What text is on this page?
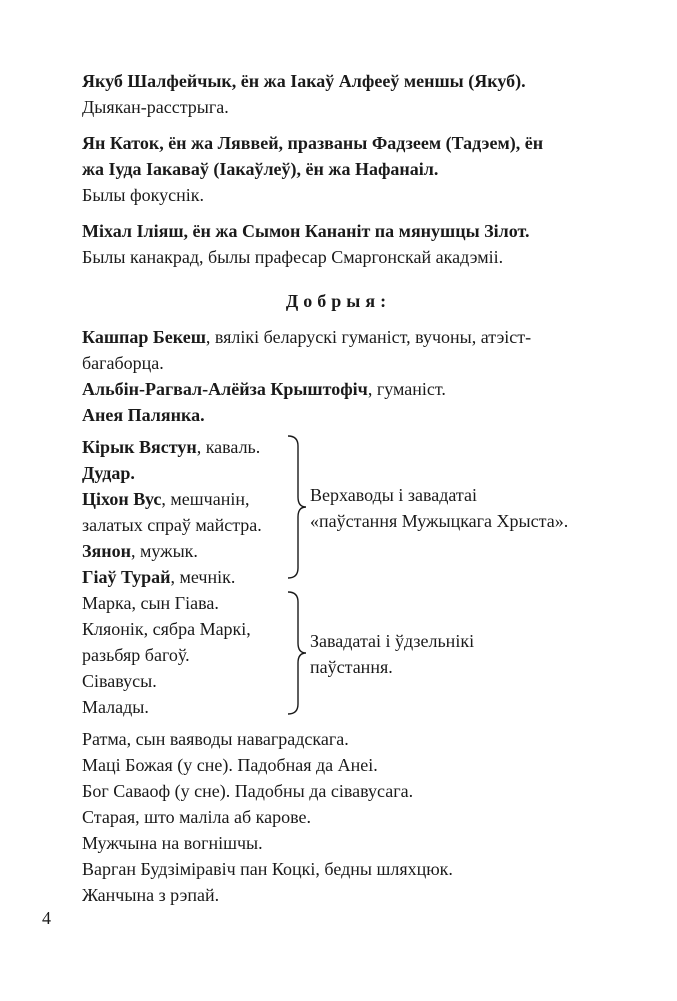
Якуб Шалфейчык, ён жа Іакаў Алфееў меншы (Якуб).
Дыякан-расстрыга.
Ян Каток, ён жа Ляввей, празваны Фадзеем (Тадэем), ён
жа Іуда Іакаваў (Іакаўлеў), ён жа Нафанаіл.
Былы фокуснік.
Міхал Іліяш, ён жа Сымон Кананіт па мянушцы Зілот.
Былы канакрад, былы прафесар Смаргонскай акадэміі.
Добрыя:
Кашпар Бекеш, вялікі беларускі гуманіст, вучоны, атэіст-
багаборца.
Альбін-Рагвал-Алёйза Крыштофіч, гуманіст.
Анея Палянка.
Кірык Вястун, каваль.
Дудар.
Ціхон Вус, мешчанін,
залатых спраў майстра.
Зянон, мужык.
Гіаў Турай, мечнік.
Верхаводы і завадатаі
«паўстання Мужыцкага Хрыста».
Марка, сын Гіава.
Кляонік, сябра Маркі,
разьбяр багоў.
Сівавусы.
Малады.
Завадатаі і ўдзельнікі
паўстання.
Ратма, сын ваяводы наваградскага.
Маці Божая (у сне). Падобная да Анеі.
Бог Саваоф (у сне). Падобны да сівавусага.
Старая, што маліла аб карове.
Мужчына на вогнішчы.
Варган Будзіміравіч пан Коцкі, бедны шляхцюк.
Жанчына з рэпай.
4
